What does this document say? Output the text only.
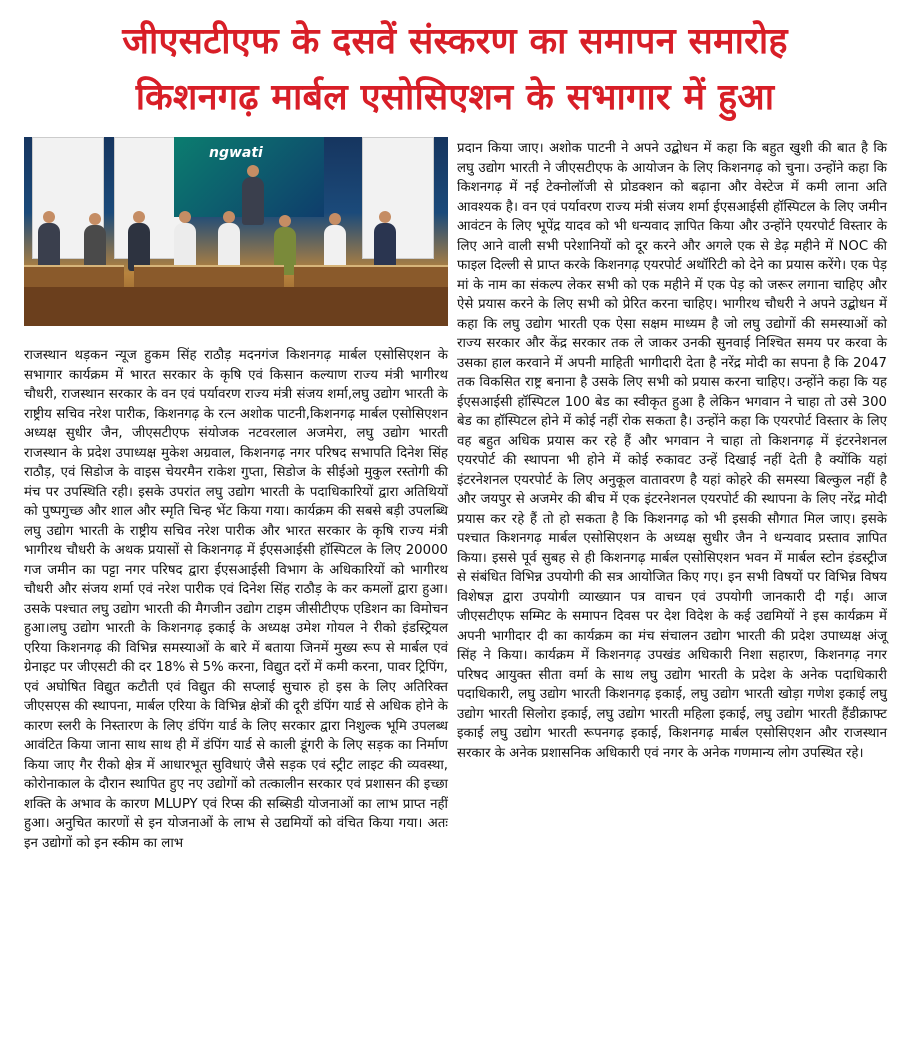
जीएसटीएफ के दसवें संस्करण का समापन समारोह
किशनगढ़ मार्बल एसोसिएशन के सभागार में हुआ
ngwati

राजस्थान थड़कन न्यूज हुकम सिंह राठौड़ मदनगंज किशनगढ़ मार्बल एसोसिएशन के सभागार कार्यक्रम में भारत सरकार के कृषि एवं किसान कल्याण राज्य मंत्री भागीरथ चौधरी, राजस्थान सरकार के वन एवं पर्यावरण राज्य मंत्री संजय शर्मा,लघु उद्योग भारती के राष्ट्रीय सचिव नरेश पारीक, किशनगढ़ के रत्न अशोक पाटनी,किशनगढ़ मार्बल एसोसिएशन अध्यक्ष सुधीर जैन, जीएसटीएफ संयोजक नटवरलाल अजमेरा, लघु उद्योग भारती राजस्थान के प्रदेश उपाध्यक्ष मुकेश अग्रवाल, किशनगढ़ नगर परिषद सभापति दिनेश सिंह राठौड़, एवं सिडोज के वाइस चेयरमैन राकेश गुप्ता, सिडोज के सीईओ मुकुल रस्तोगी की मंच पर उपस्थिति रही। इसके उपरांत लघु उद्योग भारती के पदाधिकारियों द्वारा अतिथियों को पुष्पगुच्छ और शाल और स्मृति चिन्ह भेंट किया गया। कार्यक्रम की सबसे बड़ी उपलब्धि लघु उद्योग भारती के राष्ट्रीय सचिव नरेश पारीक और भारत सरकार के कृषि राज्य मंत्री भागीरथ चौधरी के अथक प्रयासों से किशनगढ़ में ईएसआईसी हॉस्पिटल के लिए 20000 गज जमीन का पट्टा नगर परिषद द्वारा ईएसआईसी विभाग के अधिकारियों को भागीरथ चौधरी और संजय शर्मा एवं नरेश पारीक एवं दिनेश सिंह राठौड़ के कर कमलों द्वारा हुआ। उसके पश्चात लघु उद्योग भारती की मैगजीन उद्योग टाइम जीसीटीएफ एडिशन का विमोचन हुआ।लघु उद्योग भारती के किशनगढ़ इकाई के अध्यक्ष उमेश गोयल ने रीको इंडस्ट्रियल एरिया किशनगढ़ की विभिन्न समस्याओं के बारे में बताया जिनमें मुख्य रूप से मार्बल एवं ग्रेनाइट पर जीएसटी की दर 18% से 5% करना, विद्युत दरों में कमी करना, पावर ट्रिपिंग, एवं अघोषित विद्युत कटौती एवं विद्युत की सप्लाई सुचारु हो इस के लिए अतिरिक्त जीएसएस की स्थापना, मार्बल एरिया के विभिन्न क्षेत्रों की दूरी डंपिंग यार्ड से अधिक होने के कारण स्लरी के निस्तारण के लिए डंपिंग यार्ड के लिए सरकार द्वारा निशुल्क भूमि उपलब्ध आवंटित किया जाना साथ साथ ही में डंपिंग यार्ड से काली डूंगरी के लिए सड़क का निर्माण किया जाए गैर रीको क्षेत्र में आधारभूत सुविधाएं जैसे सड़क एवं स्ट्रीट लाइट की व्यवस्था, कोरोनाकाल के दौरान स्थापित हुए नए उद्योगों को तत्कालीन सरकार एवं प्रशासन की इच्छा शक्ति के अभाव के कारण MLUPY एवं रिप्स की सब्सिडी योजनाओं का लाभ प्राप्त नहीं हुआ। अनुचित कारणों से इन योजनाओं के लाभ से उद्यमियों को वंचित किया गया। अतः इन उद्योगों को इन स्कीम का लाभ

प्रदान किया जाए। अशोक पाटनी ने अपने उद्बोधन में कहा कि बहुत खुशी की बात है कि लघु उद्योग भारती ने जीएसटीएफ के आयोजन के लिए किशनगढ़ को चुना। उन्होंने कहा कि किशनगढ़ में नई टेक्नोलॉजी से प्रोडक्शन को बढ़ाना और वेस्टेज में कमी लाना अति आवश्यक है। वन एवं पर्यावरण राज्य मंत्री संजय शर्मा ईएसआईसी हॉस्पिटल के लिए जमीन आवंटन के लिए भूपेंद्र यादव को भी धन्यवाद ज्ञापित किया और उन्होंने एयरपोर्ट विस्तार के लिए आने वाली सभी परेशानियों को दूर करने और अगले एक से डेढ़ महीने में NOC की फाइल दिल्ली से प्राप्त करके किशनगढ़ एयरपोर्ट अथॉरिटी को देने का प्रयास करेंगे। एक पेड़ मां के नाम का संकल्प लेकर सभी को एक महीने में एक पेड़ को जरूर लगाना चाहिए और ऐसे प्रयास करने के लिए सभी को प्रेरित करना चाहिए। भागीरथ चौधरी ने अपने उद्बोधन में कहा कि लघु उद्योग भारती एक ऐसा सक्षम माध्यम है जो लघु उद्योगों की समस्याओं को राज्य सरकार और केंद्र सरकार तक ले जाकर उनकी सुनवाई निश्चित समय पर करवा के उसका हाल करवाने में अपनी माहिती भागीदारी देता है नरेंद्र मोदी का सपना है कि 2047 तक विकसित राष्ट्र बनाना है उसके लिए सभी को प्रयास करना चाहिए। उन्होंने कहा कि यह ईएसआईसी हॉस्पिटल 100 बेड का स्वीकृत हुआ है लेकिन भगवान ने चाहा तो उसे 300 बेड का हॉस्पिटल होने में कोई नहीं रोक सकता है। उन्होंने कहा कि एयरपोर्ट विस्तार के लिए वह बहुत अधिक प्रयास कर रहे हैं और भगवान ने चाहा तो किशनगढ़ में इंटरनेशनल एयरपोर्ट की स्थापना भी होने में कोई रुकावट उन्हें दिखाई नहीं देती है क्योंकि यहां इंटरनेशनल एयरपोर्ट के लिए अनुकूल वातावरण है यहां कोहरे की समस्या बिल्कुल नहीं है और जयपुर से अजमेर की बीच में एक इंटरनेशनल एयरपोर्ट की स्थापना के लिए नरेंद्र मोदी प्रयास कर रहे हैं तो हो सकता है कि किशनगढ़ को भी इसकी सौगात मिल जाए। इसके पश्चात किशनगढ़ मार्बल एसोसिएशन के अध्यक्ष सुधीर जैन ने धन्यवाद प्रस्ताव ज्ञापित किया। इससे पूर्व सुबह से ही किशनगढ़ मार्बल एसोसिएशन भवन में मार्बल स्टोन इंडस्ट्रीज से संबंधित विभिन्न उपयोगी की सत्र आयोजित किए गए। इन सभी विषयों पर विभिन्न विषय विशेषज्ञ द्वारा उपयोगी व्याख्यान पत्र वाचन एवं उपयोगी जानकारी दी गई। आज जीएसटीएफ सम्मिट के समापन दिवस पर देश विदेश के कई उद्यमियों ने इस कार्यक्रम में अपनी भागीदार दी का कार्यक्रम का मंच संचालन उद्योग भारती की प्रदेश उपाध्यक्ष अंजू सिंह ने किया। कार्यक्रम में किशनगढ़ उपखंड अधिकारी निशा सहारण, किशनगढ़ नगर परिषद आयुक्त सीता वर्मा के साथ लघु उद्योग भारती के प्रदेश के अनेक पदाधिकारी पदाधिकारी, लघु उद्योग भारती किशनगढ़ इकाई, लघु उद्योग भारती खोड़ा गणेश इकाई लघु उद्योग भारती सिलोरा इकाई, लघु उद्योग भारती महिला इकाई, लघु उद्योग भारती हैंडीक्राफ्ट इकाई लघु उद्योग भारती रूपनगढ़ इकाई, किशनगढ़ मार्बल एसोसिएशन और राजस्थान सरकार के अनेक प्रशासनिक अधिकारी एवं नगर के अनेक गणमान्य लोग उपस्थित रहे।
